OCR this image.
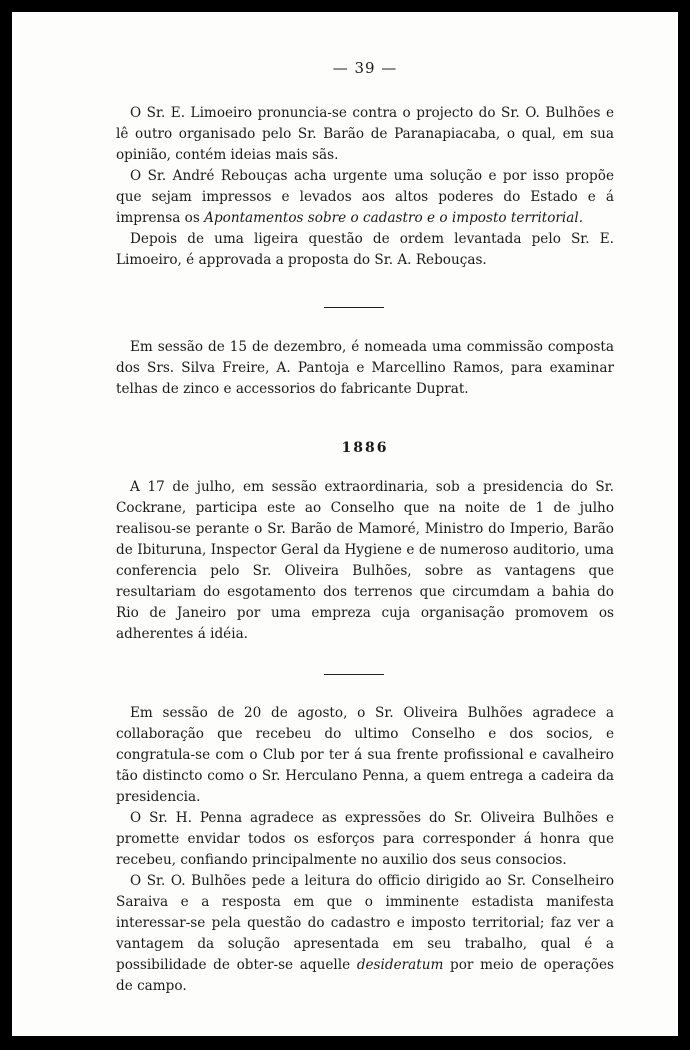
— 39 —

O Sr. E. Limoeiro pronuncia-se contra o projecto do Sr. O. Bulhões e lê outro organisado pelo Sr. Barão de Paranapiacaba, o qual, em sua opinião, contém ideias mais sãs.

O Sr. André Rebouças acha urgente uma solução e por isso propõe que sejam impressos e levados aos altos poderes do Estado e á imprensa os Apontamentos sobre o cadastro e o imposto territorial.

Depois de uma ligeira questão de ordem levantada pelo Sr. E. Limoeiro, é approvada a proposta do Sr. A. Rebouças.

Em sessão de 15 de dezembro, é nomeada uma commissão composta dos Srs. Silva Freire, A. Pantoja e Marcellino Ramos, para examinar telhas de zinco e accessorios do fabricante Duprat.

1886

A 17 de julho, em sessão extraordinaria, sob a presidencia do Sr. Cockrane, participa este ao Conselho que na noite de 1 de julho realisou-se perante o Sr. Barão de Mamoré, Ministro do Imperio, Barão de Ibituruna, Inspector Geral da Hygiene e de numeroso auditorio, uma conferencia pelo Sr. Oliveira Bulhões, sobre as vantagens que resultariam do esgotamento dos terrenos que circumdam a bahia do Rio de Janeiro por uma empreza cuja organisação promovem os adherentes á idéia.

Em sessão de 20 de agosto, o Sr. Oliveira Bulhões agradece a collaboração que recebeu do ultimo Conselho e dos socios, e congratula-se com o Club por ter á sua frente profissional e cavalheiro tão distincto como o Sr. Herculano Penna, a quem entrega a cadeira da presidencia.

O Sr. H. Penna agradece as expressões do Sr. Oliveira Bulhões e promette envidar todos os esforços para corresponder á honra que recebeu, confiando principalmente no auxilio dos seus consocios.

O Sr. O. Bulhões pede a leitura do officio dirigido ao Sr. Conselheiro Saraiva e a resposta em que o imminente estadista manifesta interessar-se pela questão do cadastro e imposto territorial; faz ver a vantagem da solução apresentada em seu trabalho, qual é a possibilidade de obter-se aquelle desideratum por meio de operações de campo.
